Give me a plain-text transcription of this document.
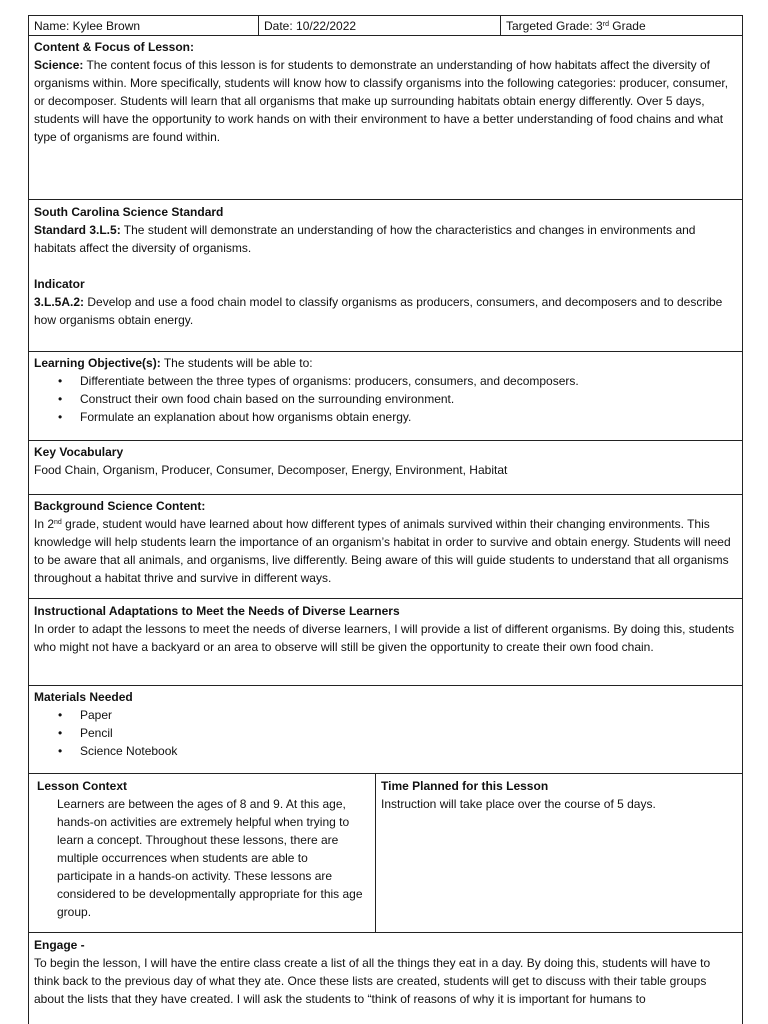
Name: Kylee Brown	Date: 10/22/2022	Targeted Grade: 3rd Grade

Content & Focus of Lesson:

Science: The content focus of this lesson is for students to demonstrate an understanding of how habitats affect the diversity of organisms within. More specifically, students will know how to classify organisms into the following categories: producer, consumer, or decomposer. Students will learn that all organisms that make up surrounding habitats obtain energy differently. Over 5 days, students will have the opportunity to work hands on with their environment to have a better understanding of food chains and what type of organisms are found within.

South Carolina Science Standard

Standard 3.L.5: The student will demonstrate an understanding of how the characteristics and changes in environments and habitats affect the diversity of organisms.

Indicator

3.L.5A.2: Develop and use a food chain model to classify organisms as producers, consumers, and decomposers and to describe how organisms obtain energy.

Learning Objective(s): The students will be able to:

• Differentiate between the three types of organisms: producers, consumers, and decomposers.
• Construct their own food chain based on the surrounding environment.
• Formulate an explanation about how organisms obtain energy.

Key Vocabulary

Food Chain, Organism, Producer, Consumer, Decomposer, Energy, Environment, Habitat

Background Science Content:

In 2nd grade, student would have learned about how different types of animals survived within their changing environments. This knowledge will help students learn the importance of an organism’s habitat in order to survive and obtain energy. Students will need to be aware that all animals, and organisms, live differently. Being aware of this will guide students to understand that all organisms throughout a habitat thrive and survive in different ways.

Instructional Adaptations to Meet the Needs of Diverse Learners

In order to adapt the lessons to meet the needs of diverse learners, I will provide a list of different organisms. By doing this, students who might not have a backyard or an area to observe will still be given the opportunity to create their own food chain.

Materials Needed

• Paper
• Pencil
• Science Notebook

Lesson Context

Learners are between the ages of 8 and 9. At this age, hands-on activities are extremely helpful when trying to learn a concept. Throughout these lessons, there are multiple occurrences when students are able to participate in a hands-on activity. These lessons are considered to be developmentally appropriate for this age group.

Time Planned for this Lesson

Instruction will take place over the course of 5 days.

Engage -

To begin the lesson, I will have the entire class create a list of all the things they eat in a day. By doing this, students will have to think back to the previous day of what they ate. Once these lists are created, students will get to discuss with their table groups about the lists that they have created. I will ask the students to “think of reasons of why it is important for humans to
